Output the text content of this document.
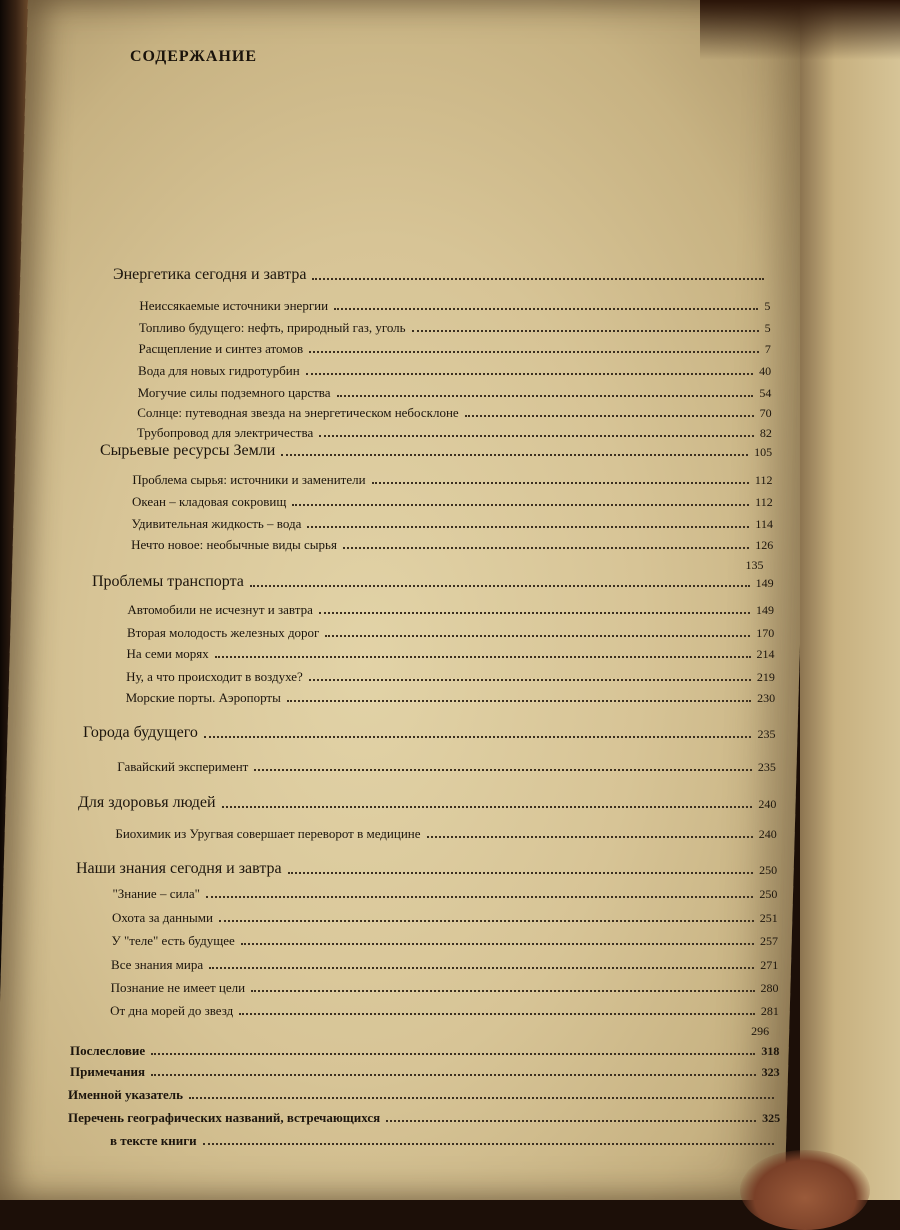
СОДЕРЖАНИЕ
Энергетика сегодня и завтра
Неиссякаемые источники энергии	5
Топливо будущего: нефть, природный газ, уголь	5
Расщепление и синтез атомов	7
Вода для новых гидротурбин	40
Могучие силы подземного царства	54
Солнце: путеводная звезда на энергетическом небосклоне	70
Трубопровод для электричества	82
Сырьевые ресурсы Земли	105
Проблема сырья: источники и заменители	112
Океан – кладовая сокровищ	112
Удивительная жидкость – вода	114
Нечто новое: необычные виды сырья	126
135
Проблемы транспорта	149
Автомобили не исчезнут и завтра	149
Вторая молодость железных дорог	170
На семи морях	214
Ну, а что происходит в воздухе?	219
Морские порты. Аэропорты	230
Города будущего	235
Гавайский эксперимент	235
Для здоровья людей	240
Биохимик из Уругвая совершает переворот в медицине	240
Наши знания сегодня и завтра	250
"Знание – сила"	250
Охота за данными	251
У "теле" есть будущее	257
Все знания мира	271
Познание не имеет цели	280
От дна морей до звезд	281
296
Послесловие	318
Примечания	323
Именной указатель
Перечень географических названий, встречающихся	325
в тексте книги
